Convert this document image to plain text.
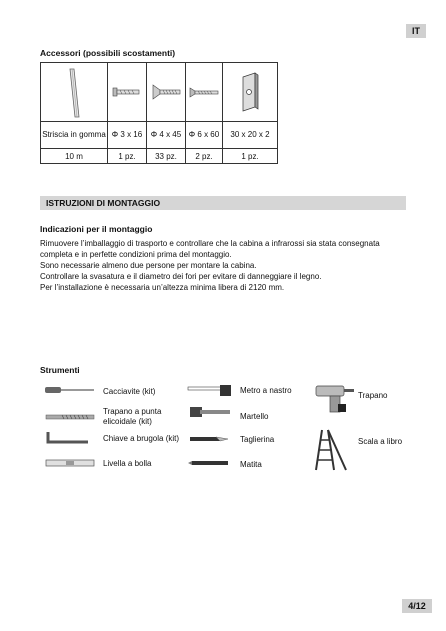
IT
Accessori (possibili scostamenti)

Striscia in gomma	Φ 3 x 16	Φ 4 x 45	Φ 6 x 60	30 x 20 x 2
10 m	1 pz.	33 pz.	2 pz.	1 pz.
ISTRUZIONI DI MONTAGGIO
Indicazioni per il montaggio
Rimuovere l’imballaggio di trasporto e controllare che la cabina a infrarossi sia stata consegnata
completa e in perfette condizioni prima del montaggio.
Sono necessarie almeno due persone per montare la cabina.
Controllare la svasatura e il diametro dei fori per evitare di danneggiare il legno.
Per l’installazione è necessaria un’altezza minima libera di 2120 mm.
Strumenti
Cacciavite (kit)
Trapano a punta
elicoidale (kit)
Chiave a brugola (kit)
Livella a bolla
Metro a nastro
Martello
Taglierina
Matita
Trapano
Scala a libro
4/12
